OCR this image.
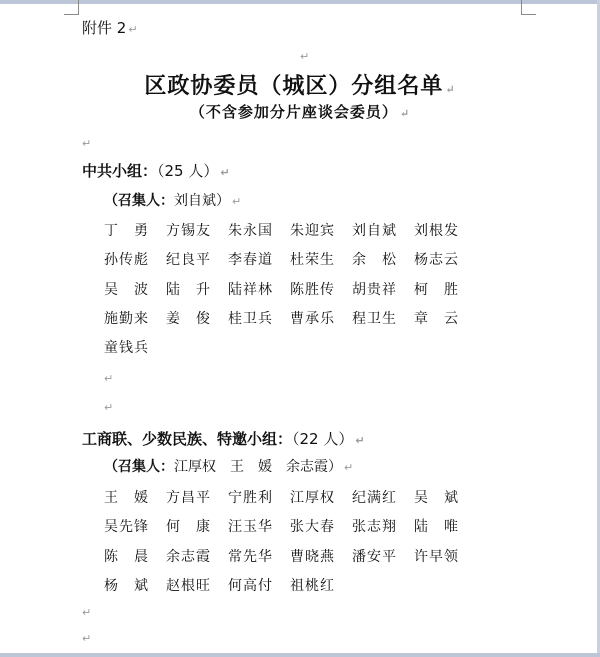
附件 2 ↵
↵
区政协委员（城区）分组名单 ↵
（不含参加分片座谈会委员） ↵
↵
中共小组：（25 人） ↵
（召集人：刘自斌） ↵
丁　勇	方锡友	朱永国	朱迎宾	刘自斌	刘根发
孙传彪	纪良平	李春道	杜荣生	余　松	杨志云
吴　波	陆　升	陆祥林	陈胜传	胡贵祥	柯　胜
施勤来	姜　俊	桂卫兵	曹承乐	程卫生	章　云
童钱兵
↵
↵
工商联、少数民族、特邀小组：（22 人） ↵
（召集人：江厚权　王　媛　余志霞） ↵
王　媛	方昌平	宁胜利	江厚权	纪满红	吴　斌
吴先锋	何　康	汪玉华	张大春	张志翔	陆　唯
陈　晨	余志霞	常先华	曹晓燕	潘安平	许早领
杨　斌	赵根旺	何高付	祖桃红
↵
↵
